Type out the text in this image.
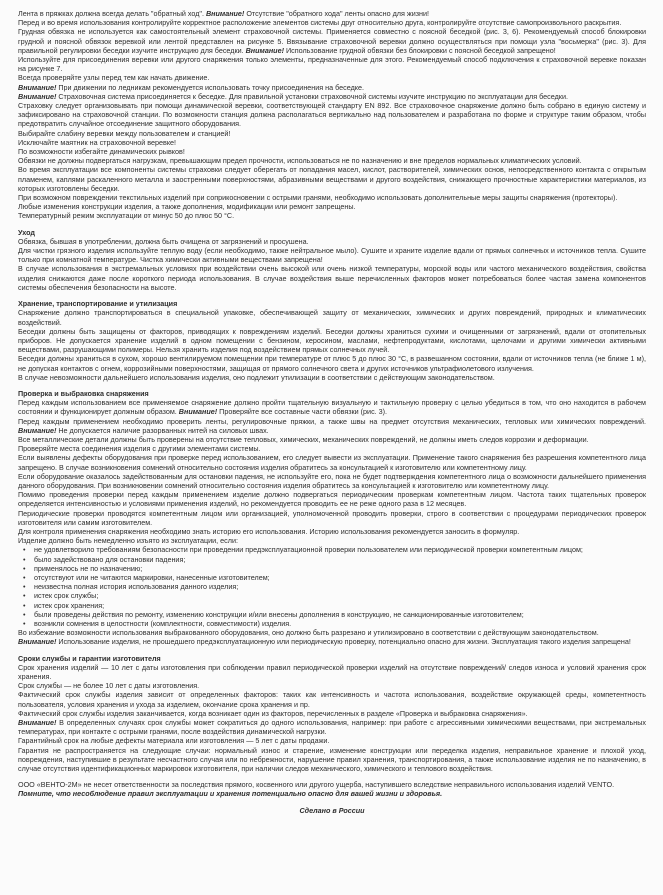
Лента в пряжках должна всегда делать "обратный ход". Внимание! Отсутствие "обратного хода" ленты опасно для жизни!
Перед и во время использования контролируйте корректное расположение элементов системы друг относительно друга, контролируйте отсутствие самопроизвольного раскрытия.
Грудная обвязка не используется как самостоятельный элемент страховочной системы. Применяется совместно с поясной беседкой (рис. 3, 6). Рекомендуемый способ блокировки грудной и поясной обвязок веревкой или лентой представлен на рисунке 5. Ввязывание страховочной веревки должно осуществляться при помощи узла "восьмерка" (рис. 3). Для правильной регулировки беседки изучите инструкцию для беседки. Внимание! Использование грудной обвязки без блокировки с поясной беседкой запрещено!
Используйте для присоединения веревки или другого снаряжения только элементы, предназначенные для этого. Рекомендуемый способ подключения к страховочной веревке показан на рисунке 7.
Всегда проверяйте узлы перед тем как начать движение.
Внимание! При движении по ледникам рекомендуется использовать точку присоединения на беседке.
Внимание! Страховочная система присоединяется к беседке. Для правильной установки страховочной системы изучите инструкцию по эксплуатации для беседки.
Страховку следует организовывать при помощи динамической веревки, соответствующей стандарту EN 892. Все страховочное снаряжение должно быть собрано в единую систему и зафиксировано на страховочной станции. По возможности станция должна располагаться вертикально над пользователем и разработана по форме и структуре таким образом, чтобы предотвратить случайное отсоединение защитного оборудования.
Выбирайте слабину веревки между пользователем и станцией!
Исключайте маятник на страховочной веревке!
По возможности избегайте динамических рывков!
Обвязки не должны подвергаться нагрузкам, превышающим предел прочности, использоваться не по назначению и вне пределов нормальных климатических условий.
Во время эксплуатации все компоненты системы страховки следует оберегать от попадания масел, кислот, растворителей, химических основ, непосредственного контакта с открытым пламенем, каплями раскаленного металла и заостренными поверхностями, абразивными веществами и другого воздействия, снижающего прочностные характеристики материалов, из которых изготовлены беседки.
При возможном повреждении текстильных изделий при соприкосновении с острыми гранями, необходимо использовать дополнительные меры защиты снаряжения (протекторы).
Любые изменения конструкции изделия, а также дополнения, модификации или ремонт запрещены.
Температурный режим эксплуатации от минус 50 до плюс 50 °C.
Уход
Обвязка, бывшая в употреблении, должна быть очищена от загрязнений и просушена.
Для чистки грязного изделия используйте теплую воду (если необходимо, также нейтральное мыло). Сушите и храните изделие вдали от прямых солнечных и источников тепла. Сушите только при комнатной температуре. Чистка химически активными веществами запрещена!
В случае использования в экстремальных условиях при воздействии очень высокой или очень низкой температуры, морской воды или частого механического воздействия, свойства изделия снижаются даже после короткого периода использования. В случае воздействия выше перечисленных факторов может потребоваться более частая замена компонентов системы обеспечения безопасности на высоте.
Хранение, транспортирование и утилизация
Снаряжение должно транспортироваться в специальной упаковке, обеспечивающей защиту от механических, химических и других повреждений, природных и климатических воздействий.
Беседки должны быть защищены от факторов, приводящих к повреждениям изделий. Беседки должны храниться сухими и очищенными от загрязнений, вдали от отопительных приборов. Не допускается хранение изделий в одном помещении с бензином, керосином, маслами, нефтепродуктами, кислотами, щелочами и другими химически активными веществами, разрушающими полимеры. Нельзя хранить изделия под воздействием прямых солнечных лучей.
Беседки должны храниться в сухом, хорошо вентилируемом помещении при температуре от плюс 5 до плюс 30 °C, в развешанном состоянии, вдали от источников тепла (не ближе 1 м), не допуская контактов с огнем, коррозийными поверхностями, защищая от прямого солнечного света и других источников ультрафиолетового излучения.
В случае невозможности дальнейшего использования изделия, оно подлежит утилизации в соответствии с действующим законодательством.
Проверка и выбраковка снаряжения
Перед каждым использованием все применяемое снаряжение должно пройти тщательную визуальную и тактильную проверку с целью убедиться в том, что оно находится в рабочем состоянии и функционирует должным образом. Внимание! Проверяйте все составные части обвязки (рис. 3).
Перед каждым применением необходимо проверить ленты, регулировочные пряжки, а также швы на предмет отсутствия механических, тепловых или химических повреждений. Внимание! Не допускается наличие разорванных нитей на силовых швах.
Все металлические детали должны быть проверены на отсутствие тепловых, химических, механических повреждений, не должны иметь следов коррозии и деформации.
Проверяйте места соединения изделия с другими элементами системы.
Если выявлены дефекты оборудования при проверке перед использованием, его следует вывести из эксплуатации. Применение такого снаряжения без разрешения компетентного лица запрещено. В случае возникновения сомнений относительно состояния изделия обратитесь за консультацией к изготовителю или компетентному лицу.
Если оборудование оказалось задействованным для остановки падения, не используйте его, пока не будет подтверждения компетентного лица о возможности дальнейшего применения данного оборудования. При возникновении сомнений относительно состояния изделия обратитесь за консультацией к изготовителю или компетентному лицу.
Помимо проведения проверки перед каждым применением изделие должно подвергаться периодическим проверкам компетентным лицом. Частота таких тщательных проверок определяется интенсивностью и условиями применения изделий, но рекомендуется проводить ее не реже одного раза в 12 месяцев.
Периодические проверки проводятся компетентным лицом или организацией, уполномоченной проводить проверки, строго в соответствии с процедурами периодических проверок изготовителя или самим изготовителем.
Для контроля применения снаряжения необходимо знать историю его использования. Историю использования рекомендуется заносить в формуляр.
Изделие должно быть немедленно изъято из эксплуатации, если:
•	не удовлетворило требованиям безопасности при проведении предэксплуатационной проверки пользователем или периодической проверки компетентным лицом;
•	было задействовано для остановки падения;
•	применялось не по назначению;
•	отсутствуют или не читаются маркировки, нанесенные изготовителем;
•	неизвестна полная история использования данного изделия;
•	истек срок службы;
•	истек срок хранения;
•	были проведены действия по ремонту, изменению конструкции и/или внесены дополнения в конструкцию, не санкционированные изготовителем;
•	возникли сомнения в целостности (комплектности, совместимости) изделия.
Во избежание возможности использования выбракованного оборудования, оно должно быть разрезано и утилизировано в соответствии с действующим законодательством.
Внимание! Использование изделия, не прошедшего предэксплуатационную или периодическую проверку, потенциально опасно для жизни. Эксплуатация такого изделия запрещена!
Сроки службы и гарантии изготовителя
Срок хранения изделий — 10 лет с даты изготовления при соблюдении правил периодической проверки изделий на отсутствие повреждений/ следов износа и условий хранения срок хранения.
Срок службы — не более 10 лет с даты изготовления.
Фактический срок службы изделия зависит от определенных факторов: таких как интенсивность и частота использования, воздействие окружающей среды, компетентность пользователя, условия хранения и ухода за изделием, окончание срока хранения и пр.
Фактический срок службы изделия заканчивается, когда возникает один из факторов, перечисленных в разделе «Проверка и выбраковка снаряжения».
Внимание! В определенных случаях срок службы может сократиться до одного использования, например: при работе с агрессивными химическими веществами, при экстремальных температурах, при контакте с острыми гранями, после воздействия динамической нагрузки.
Гарантийный срок на любые дефекты материала или изготовления — 5 лет с даты продажи.
Гарантия не распространяется на следующие случаи: нормальный износ и старение, изменение конструкции или переделка изделия, неправильное хранение и плохой уход, повреждения, наступившие в результате несчастного случая или по небрежности, нарушение правил хранения, транспортирования, а также использование изделия не по назначению, в случае отсутствия идентификационных маркировок изготовителя, при наличии следов механического, химического и теплового воздействия.
ООО «ВЕНТО-2М» не несет ответственности за последствия прямого, косвенного или другого ущерба, наступившего вследствие неправильного использования изделий VENTO.
Помните, что несоблюдение правил эксплуатации и хранения потенциально опасно для вашей жизни и здоровья.
Сделано в России
